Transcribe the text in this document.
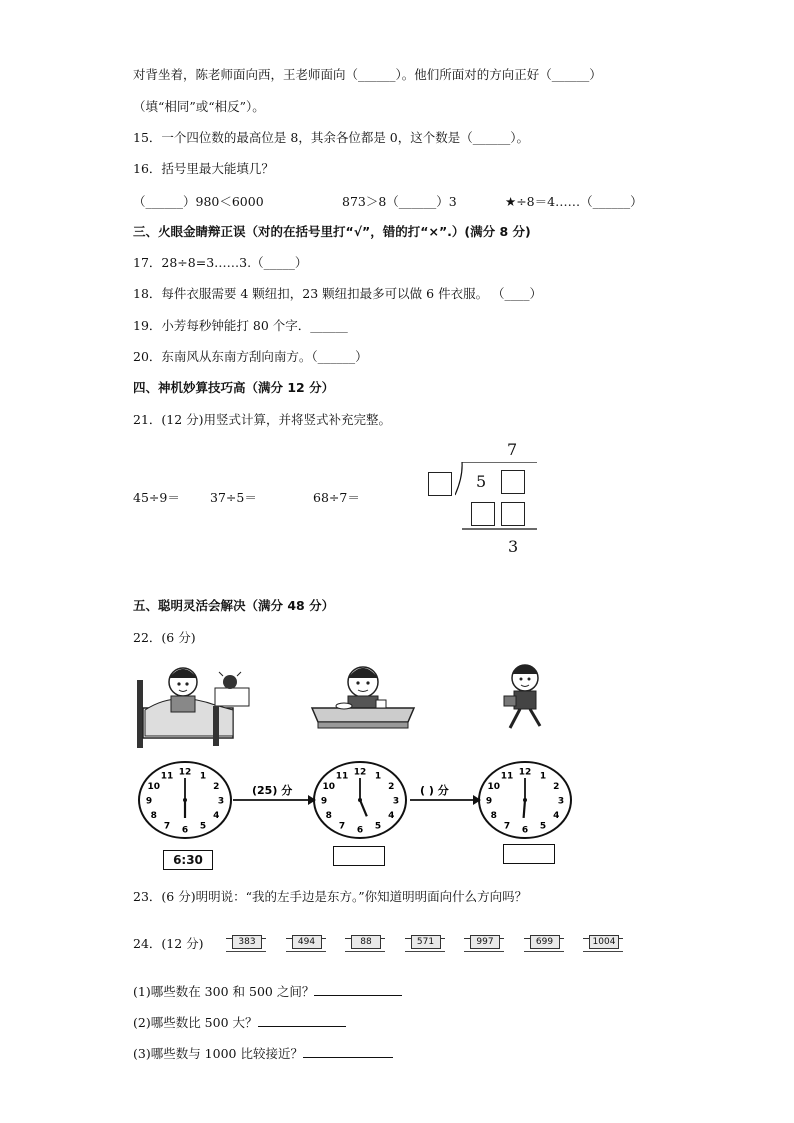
对背坐着，陈老师面向西，王老师面向（______）。他们所面对的方向正好（______）
（填“相同”或“相反”）。
15．一个四位数的最高位是 8，其余各位都是 0，这个数是（______）。
16．括号里最大能填几？
（______）980＜6000	873＞8（______）3	★÷8＝4……（______）
三、火眼金睛辩正误（对的在括号里打“√”，错的打“×”.）(满分 8 分)
17．28÷8=3……3.（_____）
18．每件衣服需要 4 颗纽扣，23 颗纽扣最多可以做 6 件衣服。 （____）
19．小芳每秒钟能打 80 个字．______
20．东南风从东南方刮向南方。（______）
四、神机妙算技巧高（满分 12 分）
21．(12 分)用竖式计算，并将竖式补充完整。
45÷9＝ 37÷5＝	68÷7＝
7
5
3
五、聪明灵活会解决（满分 48 分）
22．(6 分)
12 1
2
3
4
5
6
7
8
9
10
11	12 1
2
3
4
5
6
7
8
9
10
11	12 1
2
3
4
5
6
7
8
9
10
11
(25) 分	( ) 分
6:30
23．(6 分)明明说：“我的左手边是东方。”你知道明明面向什么方向吗？
24．(12 分)	383	494	88	571	997	699	1004
(1)哪些数在 300 和 500 之间？
(2)哪些数比 500 大？
(3)哪些数与 1000 比较接近？
